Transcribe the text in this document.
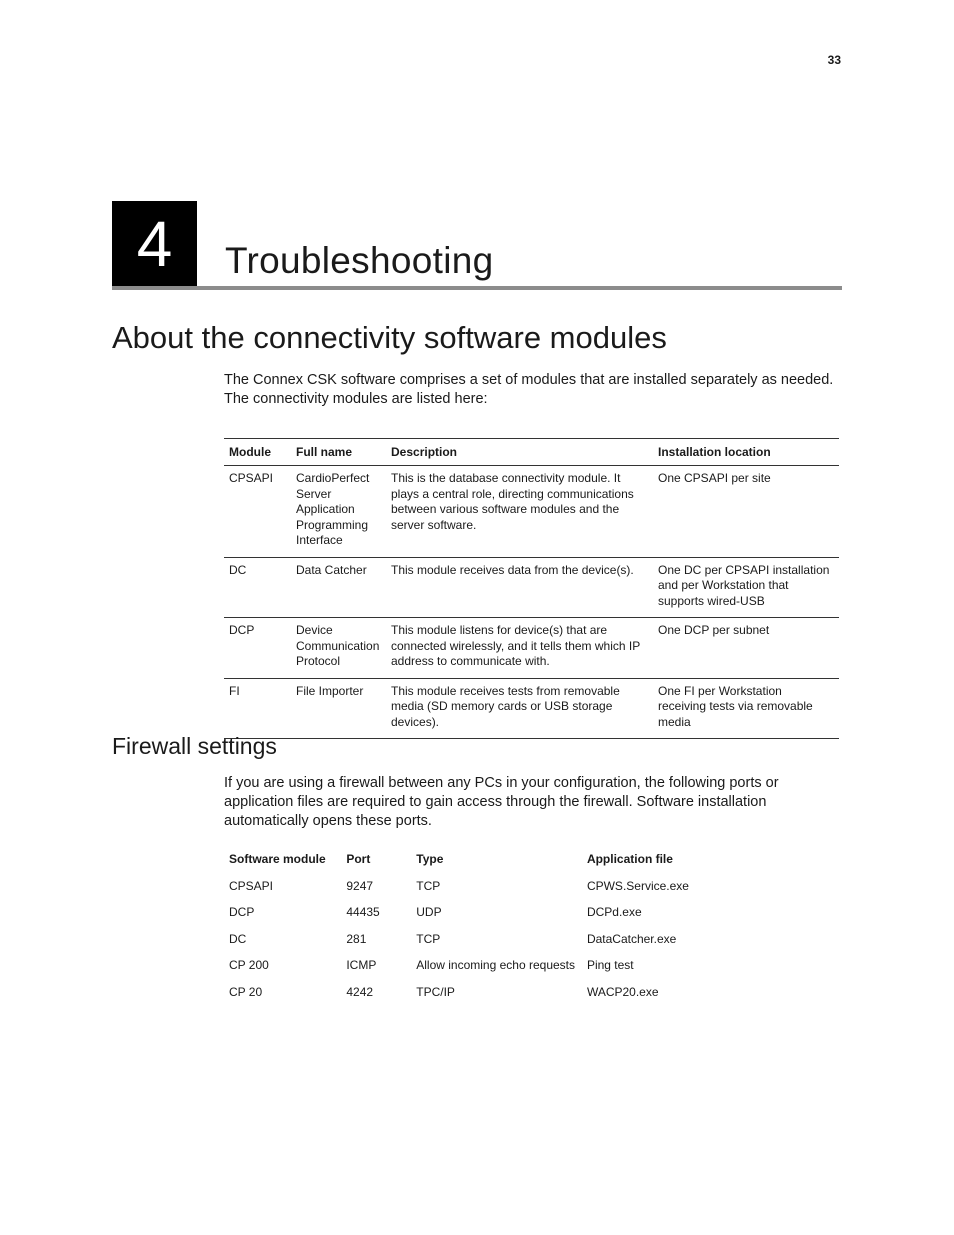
33
4	Troubleshooting
About the connectivity software modules
The Connex CSK software comprises a set of modules that are installed separately as needed. The connectivity modules are listed here:
Module	Full name	Description	Installation location
CPSAPI	CardioPerfect Server Application Programming Interface	This is the database connectivity module. It plays a central role, directing communications between various software modules and the server software.	One CPSAPI per site
DC	Data Catcher	This module receives data from the device(s).	One DC per CPSAPI installation and per Workstation that supports wired-USB
DCP	Device Communication Protocol	This module listens for device(s) that are connected wirelessly, and it tells them which IP address to communicate with.	One DCP per subnet
FI	File Importer	This module receives tests from removable media (SD memory cards or USB storage devices).	One FI per Workstation receiving tests via removable media
Firewall settings
If you are using a firewall between any PCs in your configuration, the following ports or application files are required to gain access through the firewall. Software installation automatically opens these ports.
Software module	Port	Type	Application file
CPSAPI	9247	TCP	CPWS.Service.exe
DCP	44435	UDP	DCPd.exe
DC	281	TCP	DataCatcher.exe
CP 200	ICMP	Allow incoming echo requests	Ping test
CP 20	4242	TPC/IP	WACP20.exe
